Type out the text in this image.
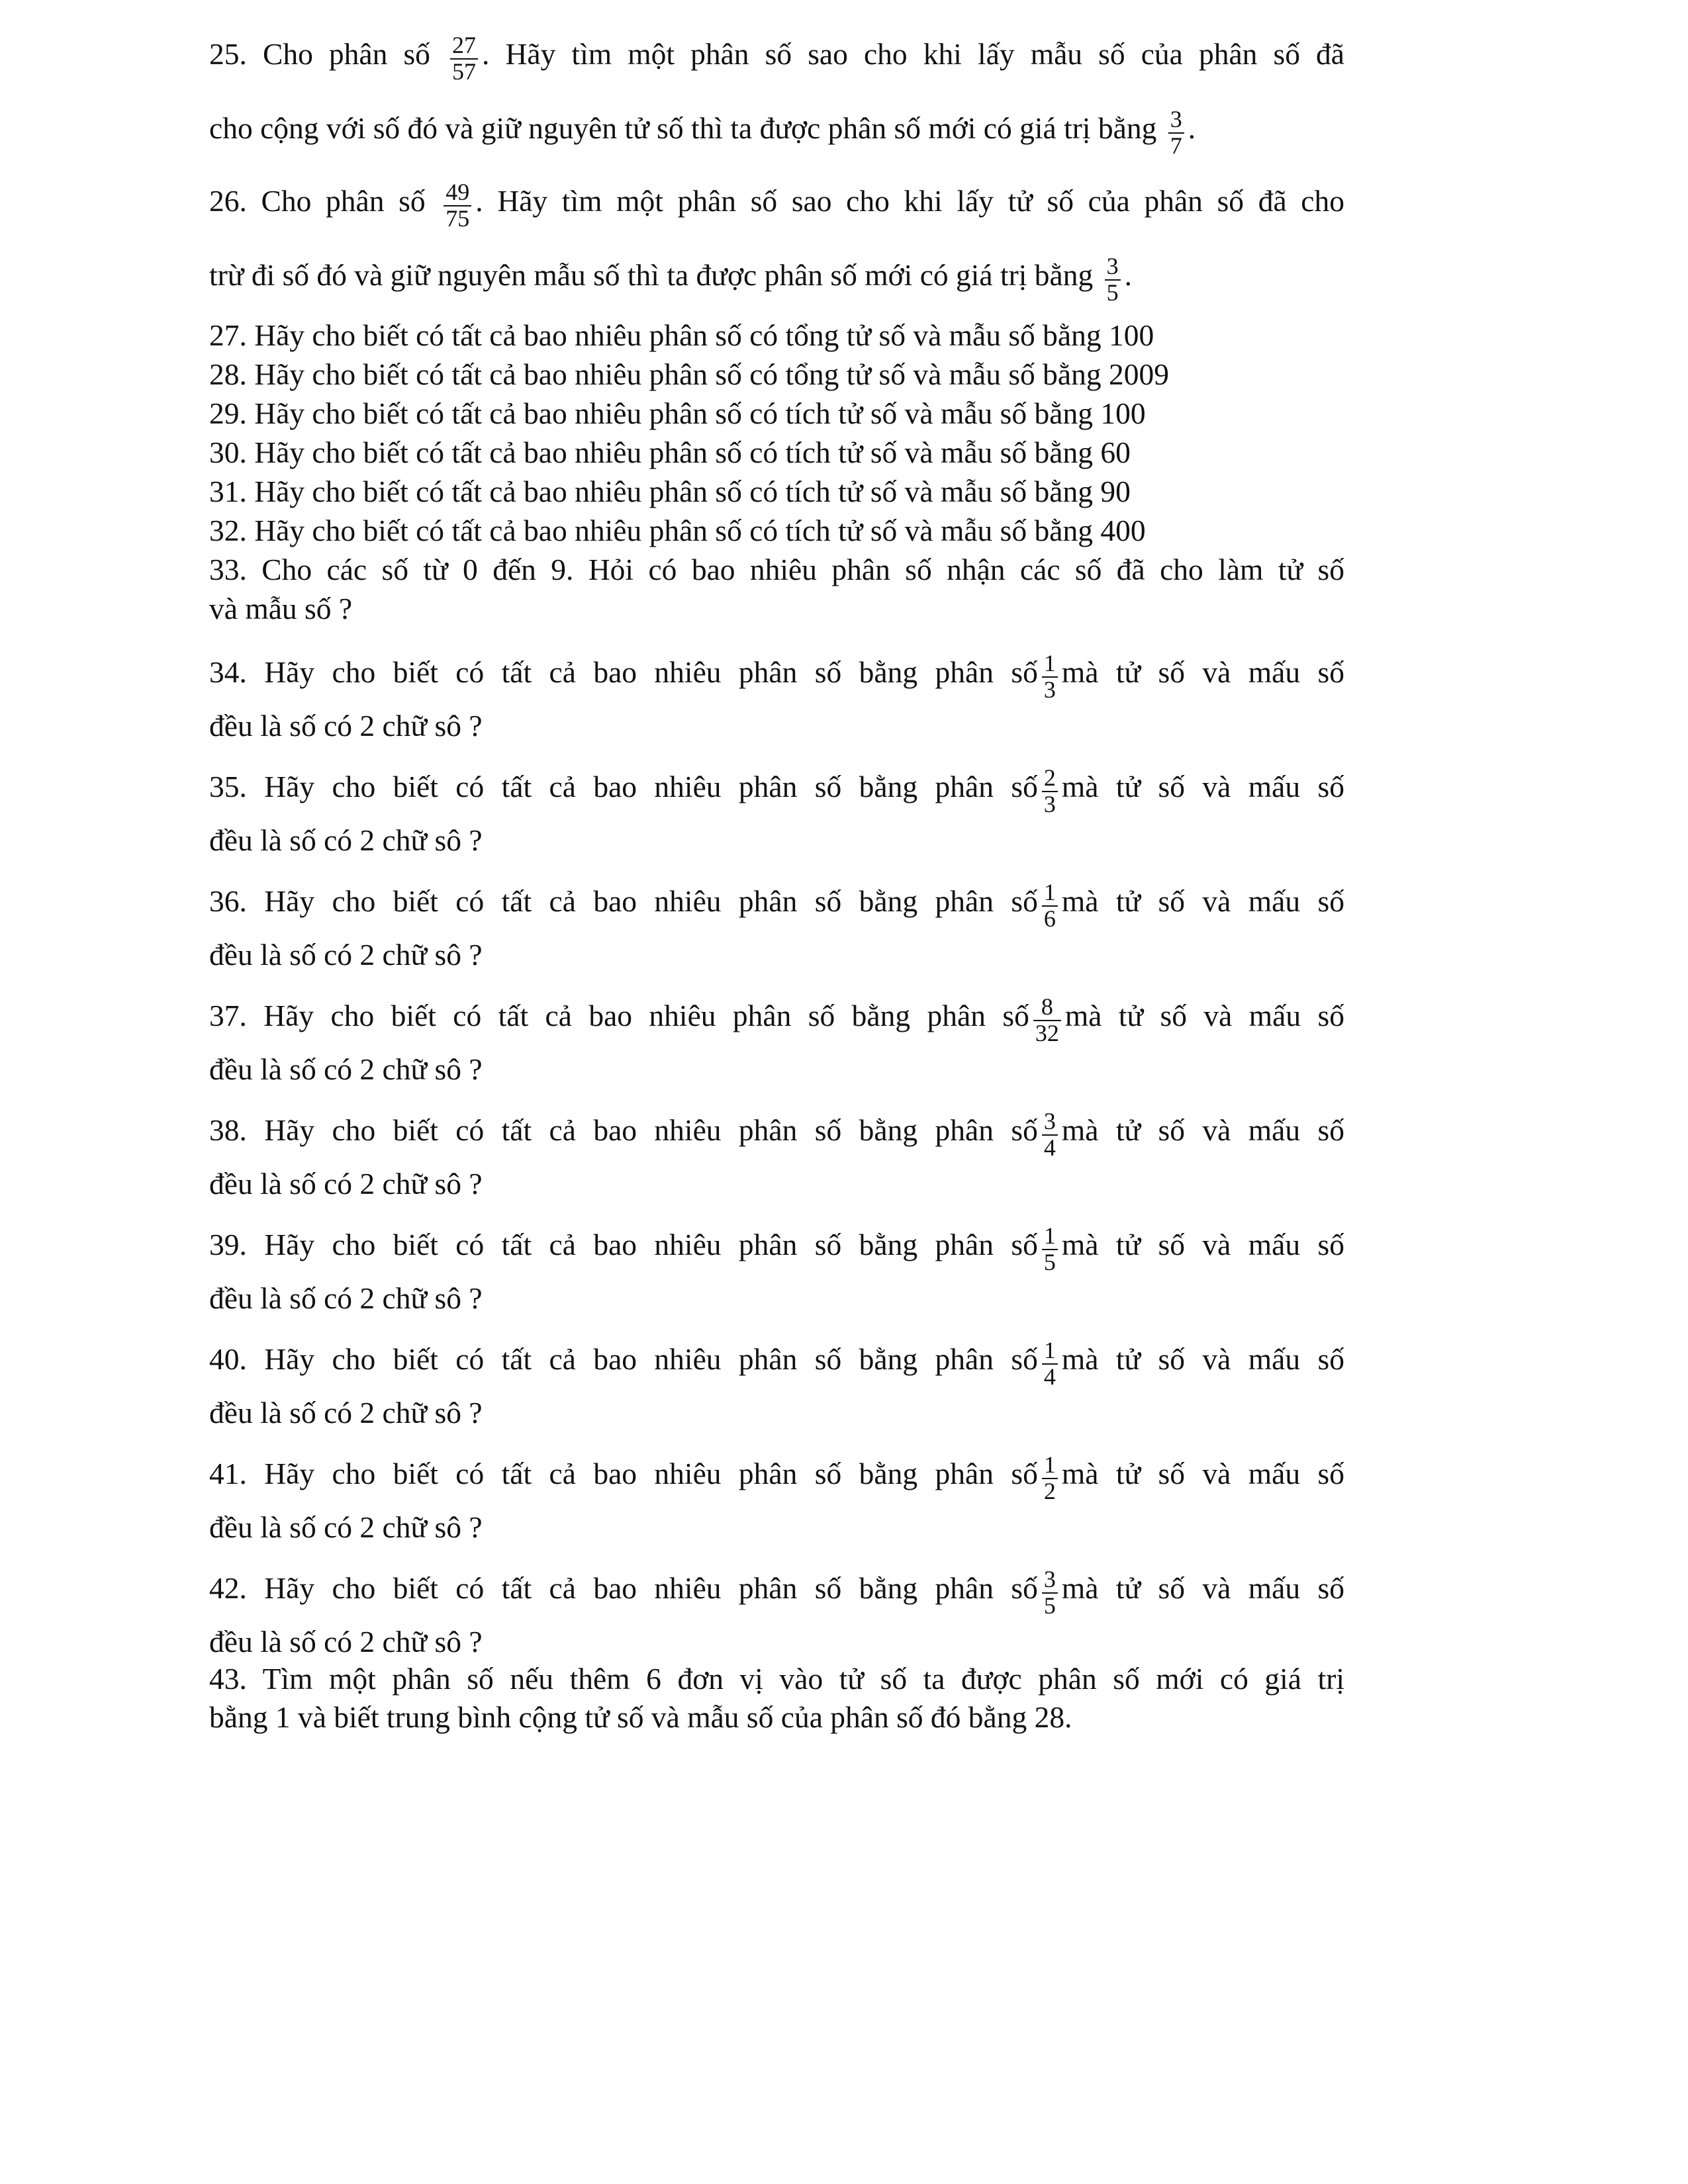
25. Cho phân số $\frac{27}{57}$ . Hãy tìm một phân số sao cho khi lấy mẫu số của phân số đã
cho cộng với số đó và giữ nguyên tử số thì ta được phân số mới có giá trị bằng $\frac{3}{7}$ .
26. Cho phân số $\frac{49}{75}$ . Hãy tìm một phân số sao cho khi lấy tử số của phân số đã cho
trừ đi số đó và giữ nguyên mẫu số thì ta được phân số mới có giá trị bằng $\frac{3}{5}$ .
27. Hãy cho biết có tất cả bao nhiêu phân số có tổng tử số và mẫu số bằng 100
28. Hãy cho biết có tất cả bao nhiêu phân số có tổng tử số và mẫu số bằng 2009
29. Hãy cho biết có tất cả bao nhiêu phân số có tích tử số và mẫu số bằng 100
30. Hãy cho biết có tất cả bao nhiêu phân số có tích tử số và mẫu số bằng 60
31. Hãy cho biết có tất cả bao nhiêu phân số có tích tử số và mẫu số bằng 90
32. Hãy cho biết có tất cả bao nhiêu phân số có tích tử số và mẫu số bằng 400
33. Cho các số từ 0 đến 9. Hỏi có bao nhiêu phân số nhận các số đã cho làm tử số
và mẫu số ?
34. Hãy cho biết có tất cả bao nhiêu phân số bằng phân số $\frac{1}{3}$ mà tử số và mấu số
đều là số có 2 chữ sô ?
35. Hãy cho biết có tất cả bao nhiêu phân số bằng phân số $\frac{2}{3}$ mà tử số và mấu số
đều là số có 2 chữ sô ?
36. Hãy cho biết có tất cả bao nhiêu phân số bằng phân số $\frac{1}{6}$ mà tử số và mấu số
đều là số có 2 chữ sô ?
37. Hãy cho biết có tất cả bao nhiêu phân số bằng phân số $\frac{8}{32}$ mà tử số và mấu số
đều là số có 2 chữ sô ?
38. Hãy cho biết có tất cả bao nhiêu phân số bằng phân số $\frac{3}{4}$ mà tử số và mấu số
đều là số có 2 chữ sô ?
39. Hãy cho biết có tất cả bao nhiêu phân số bằng phân số $\frac{1}{5}$ mà tử số và mấu số
đều là số có 2 chữ sô ?
40. Hãy cho biết có tất cả bao nhiêu phân số bằng phân số $\frac{1}{4}$ mà tử số và mấu số
đều là số có 2 chữ sô ?
41. Hãy cho biết có tất cả bao nhiêu phân số bằng phân số $\frac{1}{2}$ mà tử số và mấu số
đều là số có 2 chữ sô ?
42. Hãy cho biết có tất cả bao nhiêu phân số bằng phân số $\frac{3}{5}$ mà tử số và mấu số
đều là số có 2 chữ sô ?
43. Tìm một phân số nếu thêm 6 đơn vị vào tử số ta được phân số mới có giá trị
bằng 1 và biết trung bình cộng tử số và mẫu số của phân số đó bằng 28.
